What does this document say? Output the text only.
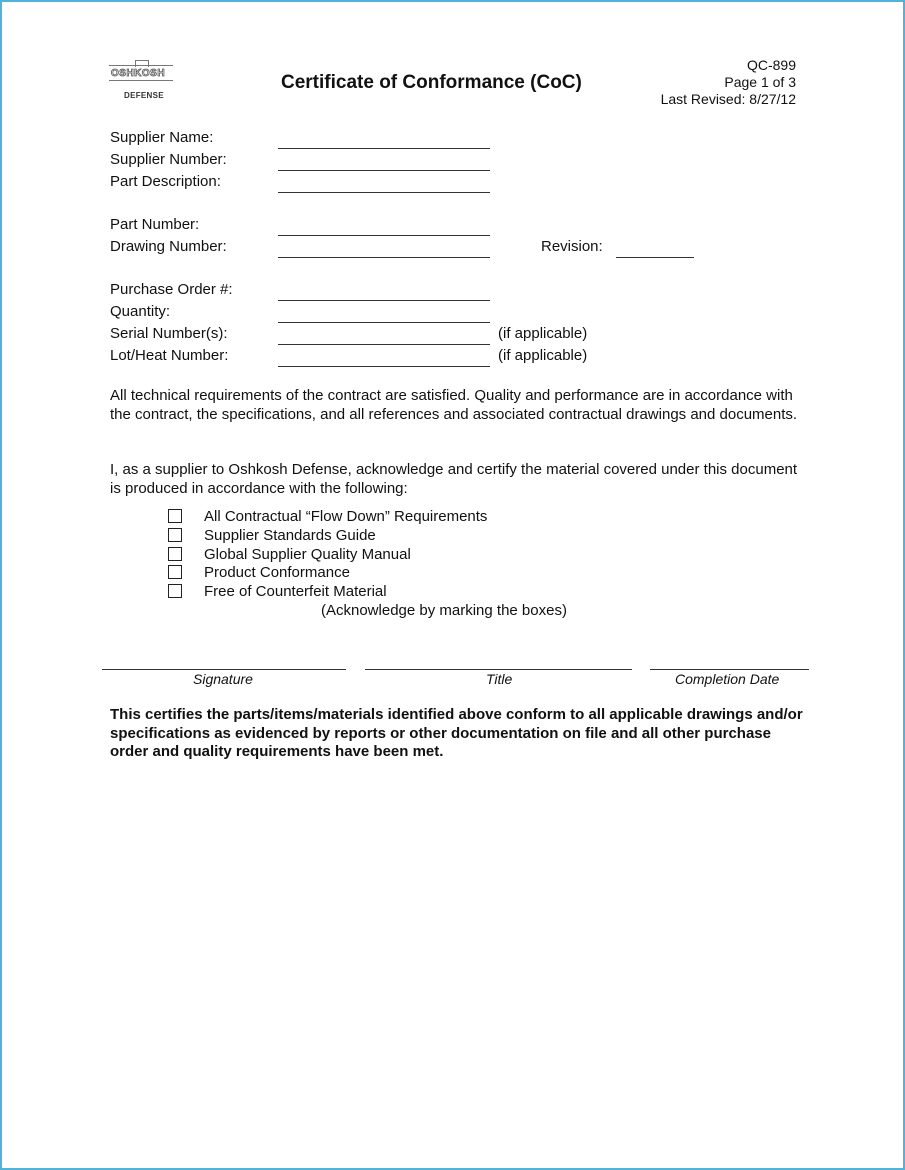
OSHKOSH
DEFENSE
Certificate of Conformance (CoC)
QC-899
Page 1 of 3
Last Revised: 8/27/12
Supplier Name:
Supplier Number:
Part Description:
Part Number:
Drawing Number:	Revision:
Purchase Order #:
Quantity:
Serial Number(s):	(if applicable)
Lot/Heat Number:	(if applicable)
All technical requirements of the contract are satisfied. Quality and performance are in accordance with the contract, the specifications, and all references and associated contractual drawings and documents.
I, as a supplier to Oshkosh Defense, acknowledge and certify the material covered under this document is produced in accordance with the following:
All Contractual “Flow Down” Requirements
Supplier Standards Guide
Global Supplier Quality Manual
Product Conformance
Free of Counterfeit Material
(Acknowledge by marking the boxes)
Signature	Title	Completion Date
This certifies the parts/items/materials identified above conform to all applicable drawings and/or specifications as evidenced by reports or other documentation on file and all other purchase order and quality requirements have been met.
